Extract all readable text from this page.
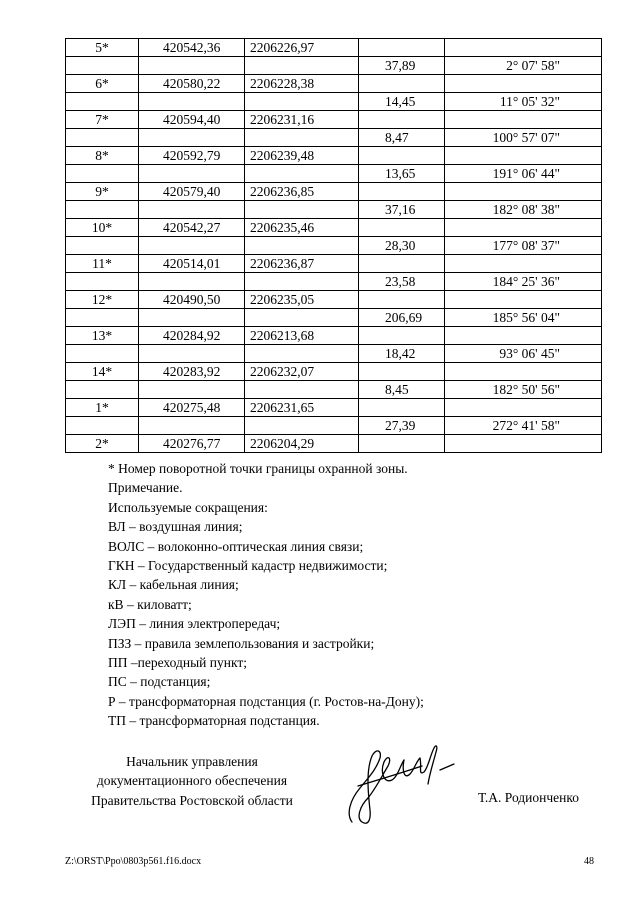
5*	420542,36	2206226,97		
			37,89	2° 07' 58"
6*	420580,22	2206228,38		
			14,45	11° 05' 32"
7*	420594,40	2206231,16		
			8,47	100° 57' 07"
8*	420592,79	2206239,48		
			13,65	191° 06' 44"
9*	420579,40	2206236,85		
			37,16	182° 08' 38"
10*	420542,27	2206235,46		
			28,30	177° 08' 37"
11*	420514,01	2206236,87		
			23,58	184° 25' 36"
12*	420490,50	2206235,05		
			206,69	185° 56' 04"
13*	420284,92	2206213,68		
			18,42	93° 06' 45"
14*	420283,92	2206232,07		
			8,45	182° 50' 56"
1*	420275,48	2206231,65		
			27,39	272° 41' 58"
2*	420276,77	2206204,29		
* Номер поворотной точки границы охранной зоны.
Примечание.
Используемые сокращения:
ВЛ – воздушная линия;
ВОЛС – волоконно-оптическая линия связи;
ГКН – Государственный кадастр недвижимости;
КЛ – кабельная линия;
кВ – киловатт;
ЛЭП – линия электропередач;
ПЗЗ – правила землепользования и застройки;
ПП –переходный пункт;
ПС – подстанция;
Р – трансформаторная подстанция (г. Ростов-на-Дону);
ТП – трансформаторная подстанция.
Начальник управления
документационного обеспечения
Правительства Ростовской области	Т.А. Родионченко
Z:\ORST\Ppo\0803p561.f16.docx	48
